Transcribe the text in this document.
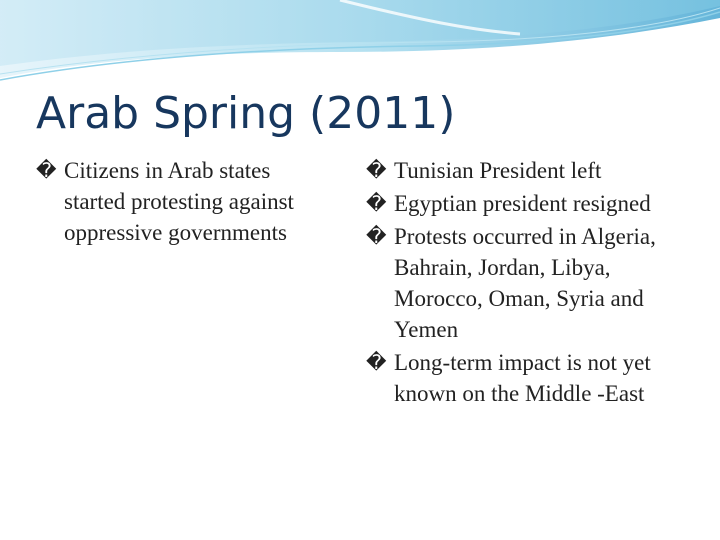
Arab Spring (2011)
� Citizens in Arab states started protesting against oppressive governments
� Tunisian President left
� Egyptian president resigned
� Protests occurred in Algeria, Bahrain, Jordan, Libya, Morocco, Oman, Syria and Yemen
� Long-term impact is not yet known on the Middle -East
